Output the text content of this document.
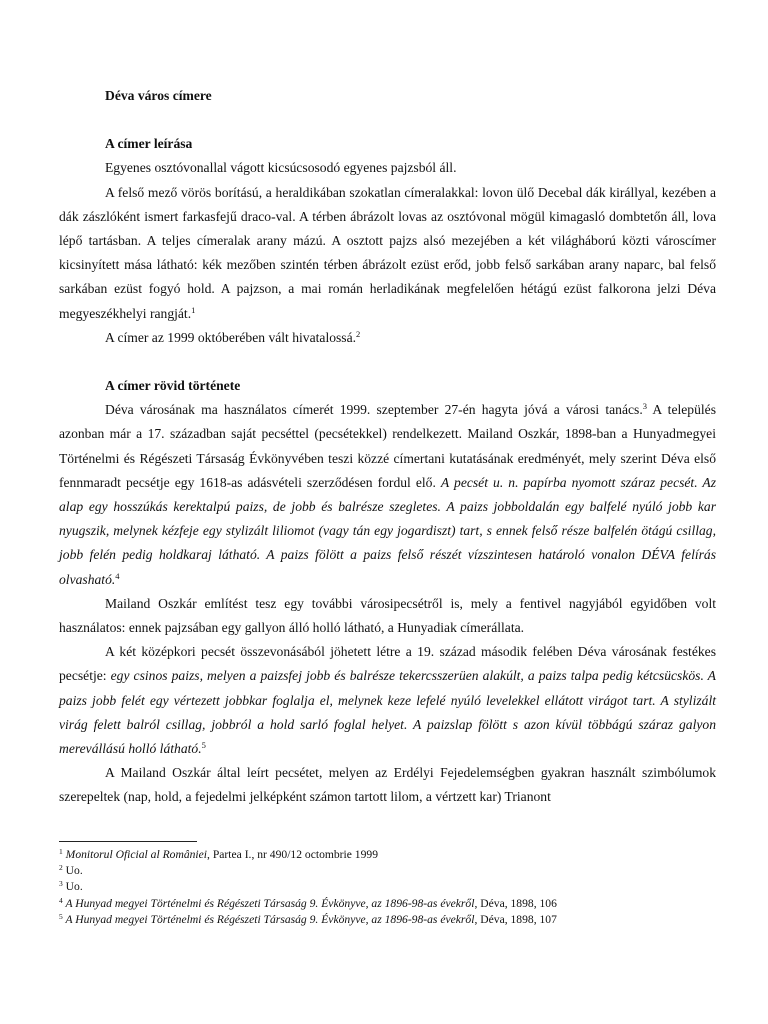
Déva város címere
A címer leírása

Egyenes osztóvonallal vágott kicsúcsosodó egyenes pajzsból áll.

A felső mező vörös borítású, a heraldikában szokatlan címeralakkal: lovon ülő Decebal dák királlyal, kezében a dák zászlóként ismert farkasfejű draco-val. A térben ábrázolt lovas az osztóvonal mögül kimagasló dombtetőn áll, lova lépő tartásban. A teljes címeralak arany mázú. A osztott pajzs alsó mezejében a két világháború közti városcímer kicsinyített mása látható: kék mezőben szintén térben ábrázolt ezüst erőd, jobb felső sarkában arany naparc, bal felső sarkában ezüst fogyó hold. A pajzson, a mai román herladikának megfelelően hétágú ezüst falkorona jelzi Déva megyeszékhelyi rangját.$^1$

A címer az 1999 októberében vált hivatalossá.$^2$

A címer rövid története

Déva városának ma használatos címerét 1999. szeptember 27-én hagyta jóvá a városi tanács.$^3$ A település azonban már a 17. században saját pecséttel (pecsétekkel) rendelkezett. Mailand Oszkár, 1898-ban a Hunyadmegyei Történelmi és Régészeti Társaság Évkönyvében teszi közzé címertani kutatásának eredményét, mely szerint Déva első fennmaradt pecsétje egy 1618-as adásvételi szerződésen fordul elő. A pecsét u. n. papírba nyomott száraz pecsét. Az alap egy hosszúkás kerektalpú paizs, de jobb és balrésze szegletes. A paizs jobboldalán egy balfelé nyúló jobb kar nyugszik, melynek kézfeje egy stylizált liliomot (vagy tán egy jogardiszt) tart, s ennek felső része balfelén ötágú csillag, jobb felén pedig holdkaraj látható. A paizs fölött a paizs felső részét vízszintesen határoló vonalon DÉVA felírás olvasható.$^4$

Mailand Oszkár említést tesz egy további városipecsétről is, mely a fentivel nagyjából egyidőben volt használatos: ennek pajzsában egy gallyon álló holló látható, a Hunyadiak címerállata.

A két középkori pecsét összevonásából jöhetett létre a 19. század második felében Déva városának festékes pecsétje: egy csinos paizs, melyen a paizsfej jobb és balrésze tekercsszerüen alakúlt, a paizs talpa pedig kétcsücskös. A paizs jobb felét egy vértezett jobbkar foglalja el, melynek keze lefelé nyúló levelekkel ellátott virágot tart. A stylizált virág felett balról csillag, jobbról a hold sarló foglal helyet. A paizslap fölött s azon kívül többágú száraz galyon merevállású holló látható.$^5$

A Mailand Oszkár által leírt pecsétet, melyen az Erdélyi Fejedelemségben gyakran használt szimbólumok szerepeltek (nap, hold, a fejedelmi jelképként számon tartott lilom, a vértzett kar) Trianont

$^1$ Monitorul Oficial al României, Partea I., nr 490/12 octombrie 1999
$^2$ Uo.
$^3$ Uo.
$^4$ A Hunyad megyei Történelmi és Régészeti Társaság 9. Évkönyve, az 1896-98-as évekről, Déva, 1898, 106
$^5$ A Hunyad megyei Történelmi és Régészeti Társaság 9. Évkönyve, az 1896-98-as évekről, Déva, 1898, 107
